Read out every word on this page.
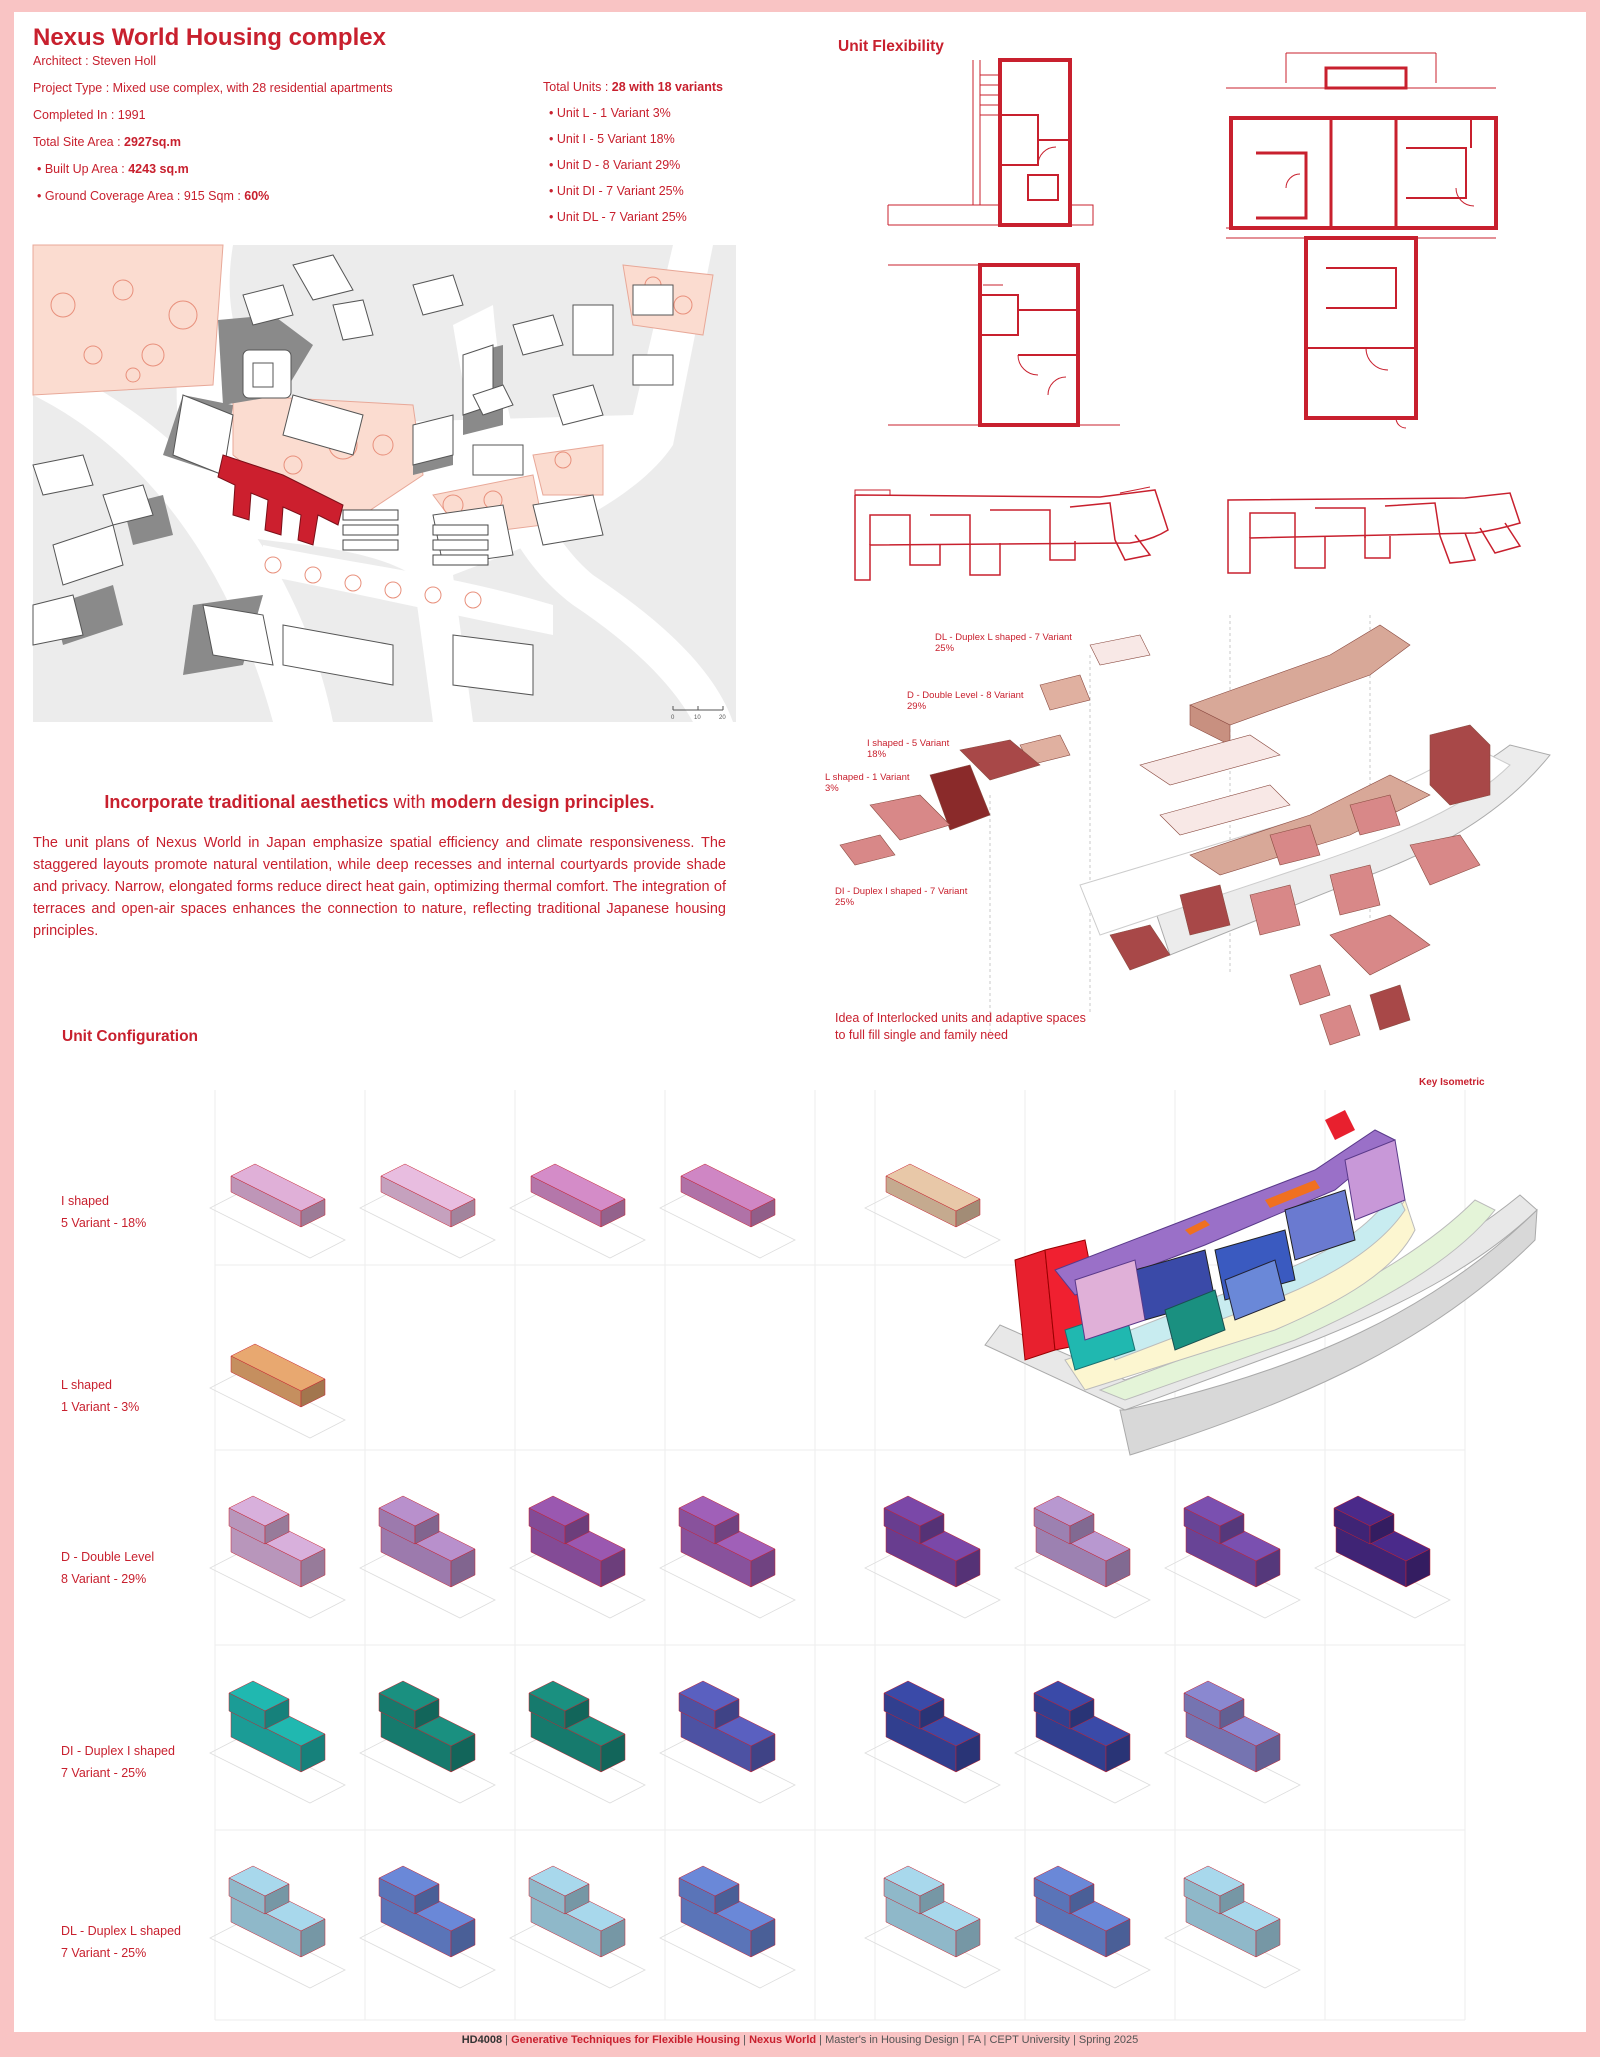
Nexus World Housing complex
Architect : Steven Holl
Project Type : Mixed use complex, with 28 residential apartments
Completed In : 1991
Total Site Area : 2927sq.m
• Built Up Area : 4243 sq.m
• Ground Coverage Area : 915 Sqm : 60%
Total Units : 28 with 18 variants
• Unit L - 1 Variant 3%
• Unit I - 5 Variant 18%
• Unit D - 8 Variant 29%
• Unit DI - 7 Variant 25%
• Unit DL - 7 Variant 25%
0	10	20
Incorporate traditional aesthetics with modern design principles.
The unit plans of Nexus World in Japan emphasize spatial efficiency and climate responsiveness. The staggered layouts promote natural ventilation, while deep recesses and internal courtyards provide shade and privacy. Narrow, elongated forms reduce direct heat gain, optimizing thermal comfort. The integration of terraces and open-air spaces enhances the connection to nature, reflecting traditional Japanese housing principles.
Unit Flexibility
DL - Duplex L shaped - 7 Variant
25%
D - Double Level - 8 Variant
29%
I shaped - 5 Variant
18%
L shaped - 1 Variant
3%
DI - Duplex I shaped - 7 Variant
25%
Idea of Interlocked units and adaptive spaces
to full fill single and family need
Unit Configuration
Key Isometric
I shaped
5 Variant - 18%
L shaped
1 Variant - 3%
D - Double Level
8 Variant - 29%
DI - Duplex I shaped
7 Variant - 25%
DL - Duplex L shaped
7 Variant - 25%
HD4008 | Generative Techniques for Flexible Housing | Nexus World | Master's in Housing Design | FA | CEPT University | Spring 2025
